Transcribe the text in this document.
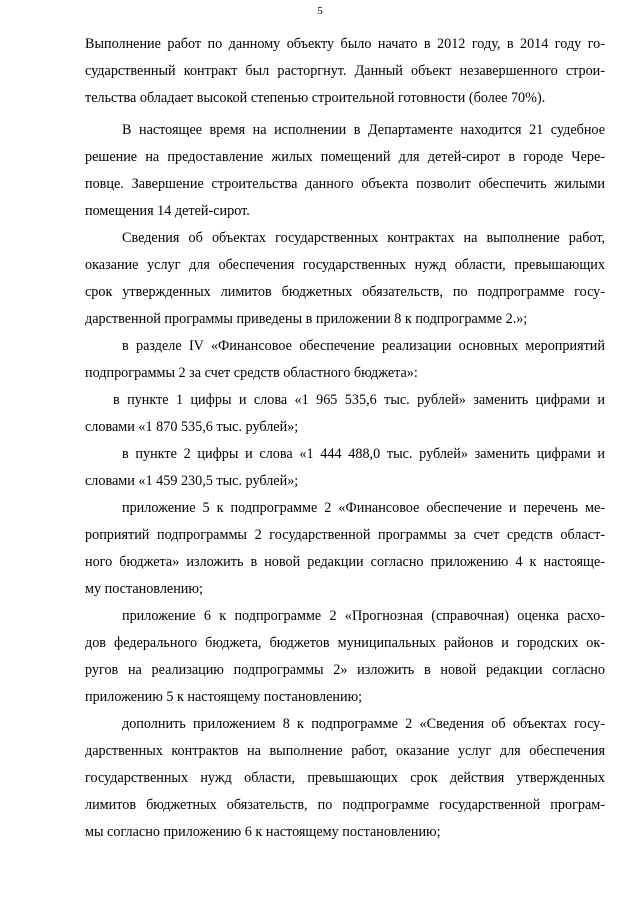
5
Выполнение работ по данному объекту было начато в 2012 году, в 2014 году го-
сударственный контракт был расторгнут. Данный объект незавершенного строи-
тельства обладает высокой степенью строительной готовности (более 70%).
В настоящее время на исполнении в Департаменте находится 21 судебное
решение на предоставление жилых помещений для детей-сирот в городе Чере-
повце. Завершение строительства данного объекта позволит обеспечить жилыми
помещения 14 детей-сирот.
Сведения об объектах государственных контрактах на выполнение работ,
оказание услуг для обеспечения государственных нужд области, превышающих
срок утвержденных лимитов бюджетных обязательств, по подпрограмме госу-
дарственной программы приведены в приложении 8 к подпрограмме 2.»;
в разделе IV «Финансовое обеспечение реализации основных мероприятий
подпрограммы 2 за счет средств областного бюджета»:
в пункте 1 цифры и слова «1 965 535,6 тыс. рублей» заменить цифрами и
словами «1 870 535,6 тыс. рублей»;
в пункте 2 цифры и слова «1 444 488,0 тыс. рублей» заменить цифрами и
словами «1 459 230,5 тыс. рублей»;
приложение 5 к подпрограмме 2 «Финансовое обеспечение и перечень ме-
роприятий подпрограммы 2 государственной программы за счет средств област-
ного бюджета» изложить в новой редакции согласно приложению 4 к настояще-
му постановлению;
приложение 6 к подпрограмме 2 «Прогнозная (справочная) оценка расхо-
дов федерального бюджета, бюджетов муниципальных районов и городских ок-
ругов на реализацию подпрограммы 2» изложить в новой редакции согласно
приложению 5 к настоящему постановлению;
дополнить приложением 8 к подпрограмме 2 «Сведения об объектах госу-
дарственных контрактов на выполнение работ, оказание услуг для обеспечения
государственных нужд области, превышающих срок действия утвержденных
лимитов бюджетных обязательств, по подпрограмме государственной програм-
мы согласно приложению 6 к настоящему постановлению;
